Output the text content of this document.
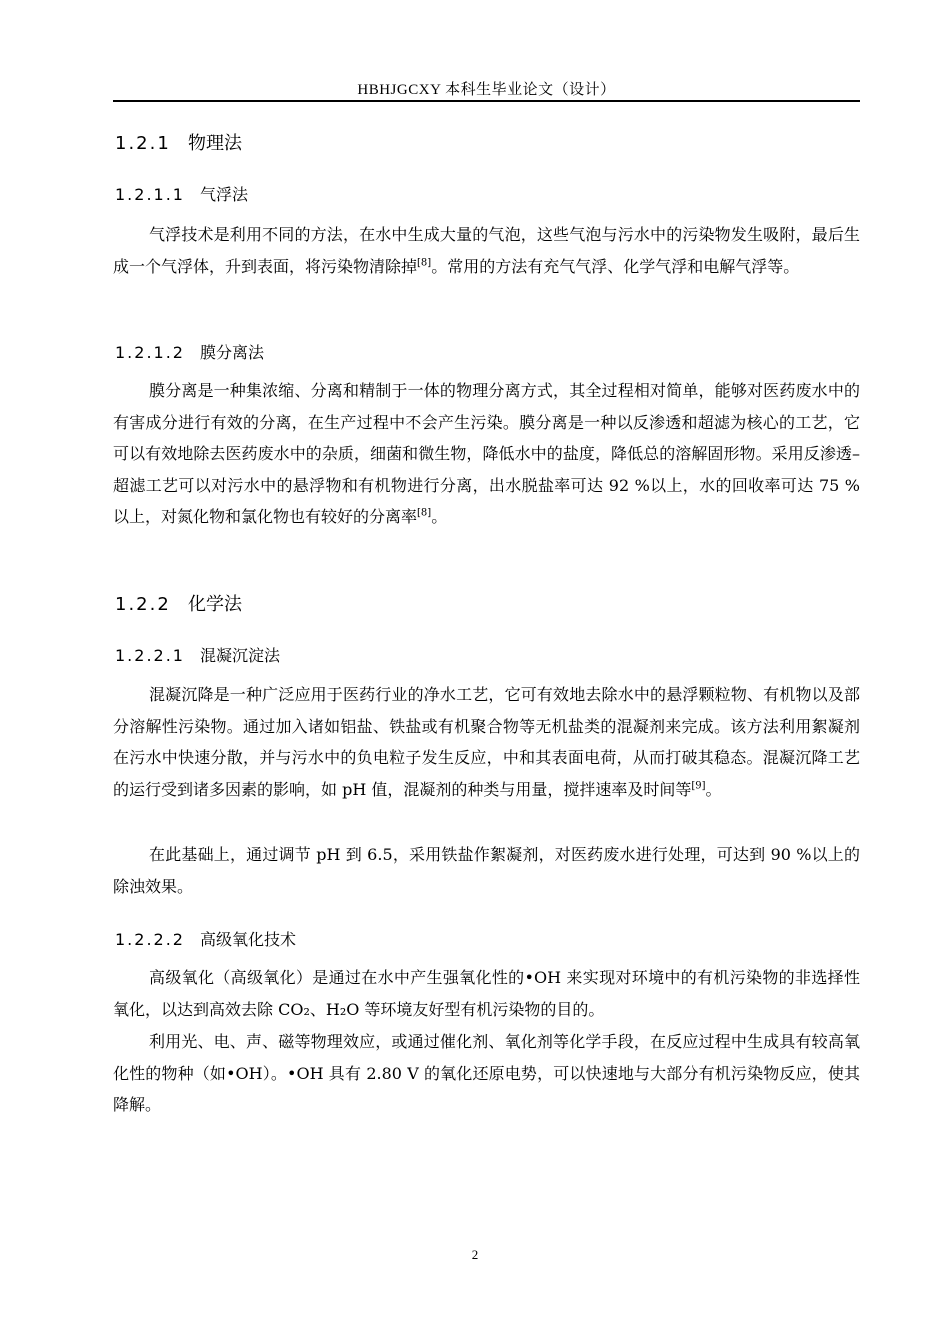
HBHJGCXY 本科生毕业论文（设计）
1.2.1 物理法
1.2.1.1 气浮法

气浮技术是利用不同的方法，在水中生成大量的气泡，这些气泡与污水中的污染物发生吸附，最后生成一个气浮体，升到表面，将污染物清除掉[8]。常用的方法有充气气浮、化学气浮和电解气浮等。

1.2.1.2 膜分离法

膜分离是一种集浓缩、分离和精制于一体的物理分离方式，其全过程相对简单，能够对医药废水中的有害成分进行有效的分离，在生产过程中不会产生污染。膜分离是一种以反渗透和超滤为核心的工艺，它可以有效地除去医药废水中的杂质，细菌和微生物，降低水中的盐度，降低总的溶解固形物。采用反渗透–超滤工艺可以对污水中的悬浮物和有机物进行分离，出水脱盐率可达 92 %以上，水的回收率可达 75 %以上，对氮化物和氯化物也有较好的分离率[8]。

1.2.2 化学法
1.2.2.1 混凝沉淀法

混凝沉降是一种广泛应用于医药行业的净水工艺，它可有效地去除水中的悬浮颗粒物、有机物以及部分溶解性污染物。通过加入诸如铝盐、铁盐或有机聚合物等无机盐类的混凝剂来完成。该方法利用絮凝剂在污水中快速分散，并与污水中的负电粒子发生反应，中和其表面电荷，从而打破其稳态。混凝沉降工艺的运行受到诸多因素的影响，如 pH 值，混凝剂的种类与用量，搅拌速率及时间等[9]。

在此基础上，通过调节 pH 到 6.5，采用铁盐作絮凝剂，对医药废水进行处理，可达到 90 %以上的除浊效果。

1.2.2.2 高级氧化技术

高级氧化（高级氧化）是通过在水中产生强氧化性的•OH 来实现对环境中的有机污染物的非选择性氧化，以达到高效去除 CO₂、H₂O 等环境友好型有机污染物的目的。

利用光、电、声、磁等物理效应，或通过催化剂、氧化剂等化学手段，在反应过程中生成具有较高氧化性的物种（如•OH）。•OH 具有 2.80 V 的氧化还原电势，可以快速地与大部分有机污染物反应，使其降解。

2
